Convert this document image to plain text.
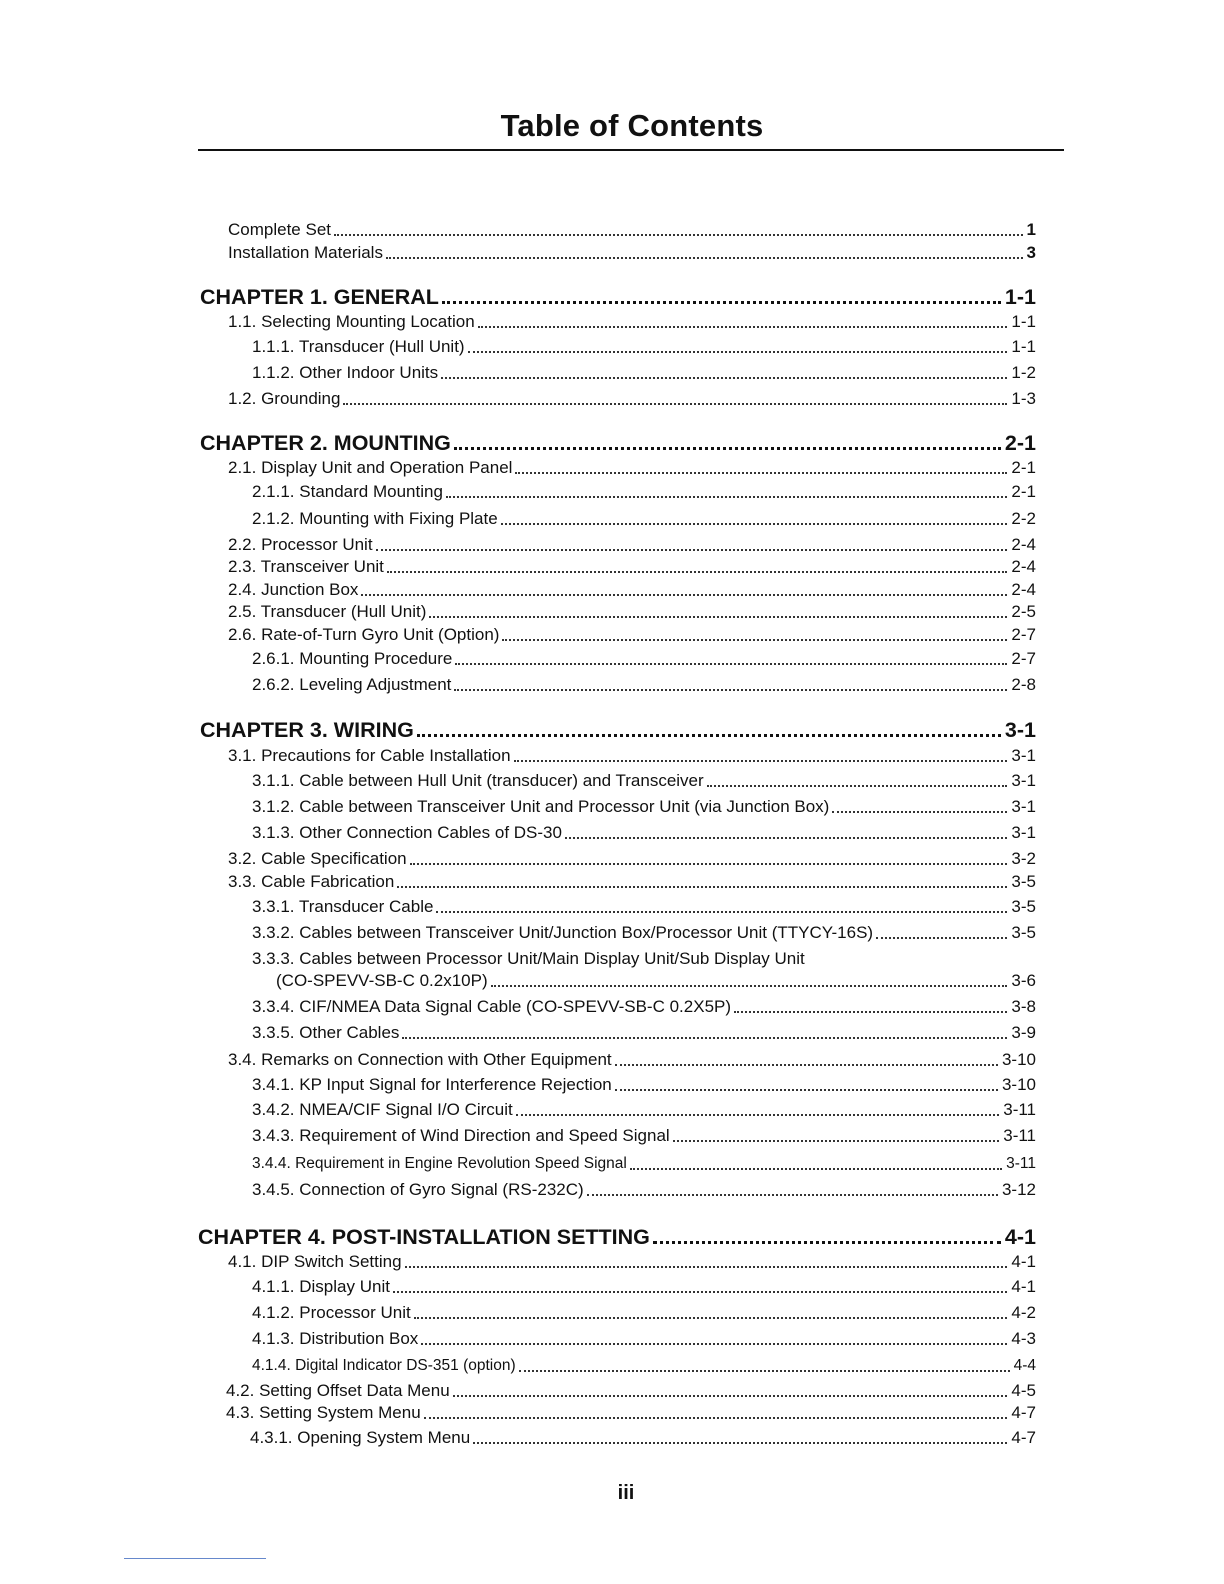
Table of Contents
Complete Set	1
Installation Materials	3
CHAPTER 1. GENERAL	1-1
1.1. Selecting Mounting Location	1-1
1.1.1. Transducer (Hull Unit)	1-1
1.1.2. Other Indoor Units	1-2
1.2. Grounding	1-3
CHAPTER 2. MOUNTING	2-1
2.1. Display Unit and Operation Panel	2-1
2.1.1. Standard Mounting	2-1
2.1.2. Mounting with Fixing Plate	2-2
2.2. Processor Unit	2-4
2.3. Transceiver Unit	2-4
2.4. Junction Box	2-4
2.5. Transducer (Hull Unit)	2-5
2.6. Rate-of-Turn Gyro Unit (Option)	2-7
2.6.1. Mounting Procedure	2-7
2.6.2. Leveling Adjustment	2-8
CHAPTER 3. WIRING	3-1
3.1. Precautions for Cable Installation	3-1
3.1.1. Cable between Hull Unit (transducer) and Transceiver	3-1
3.1.2. Cable between Transceiver Unit and Processor Unit (via Junction Box)	3-1
3.1.3. Other Connection Cables of DS-30	3-1
3.2. Cable Specification	3-2
3.3. Cable Fabrication	3-5
3.3.1. Transducer Cable	3-5
3.3.2. Cables between Transceiver Unit/Junction Box/Processor Unit (TTYCY-16S)	3-5
3.3.3. Cables between Processor Unit/Main Display Unit/Sub Display Unit
(CO-SPEVV-SB-C 0.2x10P)	3-6
3.3.4. CIF/NMEA Data Signal Cable (CO-SPEVV-SB-C 0.2X5P)	3-8
3.3.5. Other Cables	3-9
3.4. Remarks on Connection with Other Equipment	3-10
3.4.1. KP Input Signal for Interference Rejection	3-10
3.4.2. NMEA/CIF Signal I/O Circuit	3-11
3.4.3. Requirement of Wind Direction and Speed Signal	3-11
3.4.4. Requirement in Engine Revolution Speed Signal	3-11
3.4.5. Connection of Gyro Signal (RS-232C)	3-12
CHAPTER 4. POST-INSTALLATION SETTING	4-1
4.1. DIP Switch Setting	4-1
4.1.1. Display Unit	4-1
4.1.2. Processor Unit	4-2
4.1.3. Distribution Box	4-3
4.1.4. Digital Indicator DS-351 (option)	4-4
4.2. Setting Offset Data Menu	4-5
4.3. Setting System Menu	4-7
4.3.1. Opening System Menu	4-7
iii
